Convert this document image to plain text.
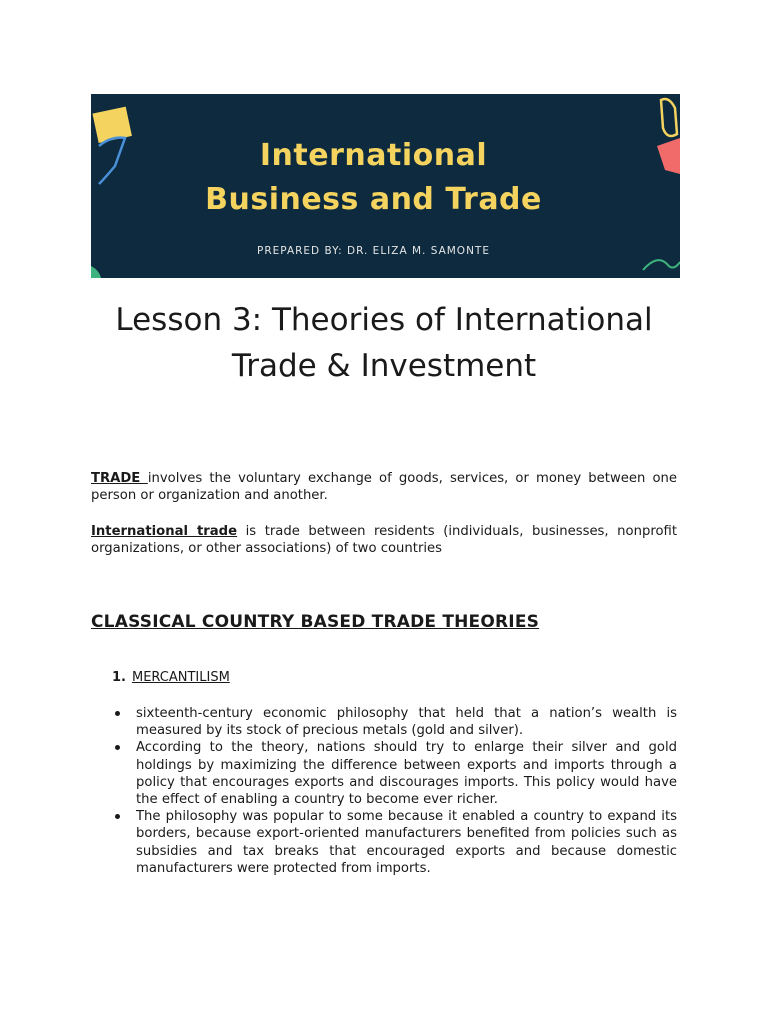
International
Business and Trade
PREPARED BY: DR. ELIZA M. SAMONTE
Lesson 3: Theories of International
Trade & Investment

TRADE involves the voluntary exchange of goods, services, or money between one person or organization and another.

International trade is trade between residents (individuals, businesses, nonprofit organizations, or other associations) of two countries

CLASSICAL COUNTRY BASED TRADE THEORIES
1. MERCANTILISM
sixteenth-century economic philosophy that held that a nation’s wealth is measured by its stock of precious metals (gold and silver).
According to the theory, nations should try to enlarge their silver and gold holdings by maximizing the difference between exports and imports through a policy that encourages exports and discourages imports. This policy would have the effect of enabling a country to become ever richer.
The philosophy was popular to some because it enabled a country to expand its borders, because export-oriented manufacturers benefited from policies such as subsidies and tax breaks that encouraged exports and because domestic manufacturers were protected from imports.
